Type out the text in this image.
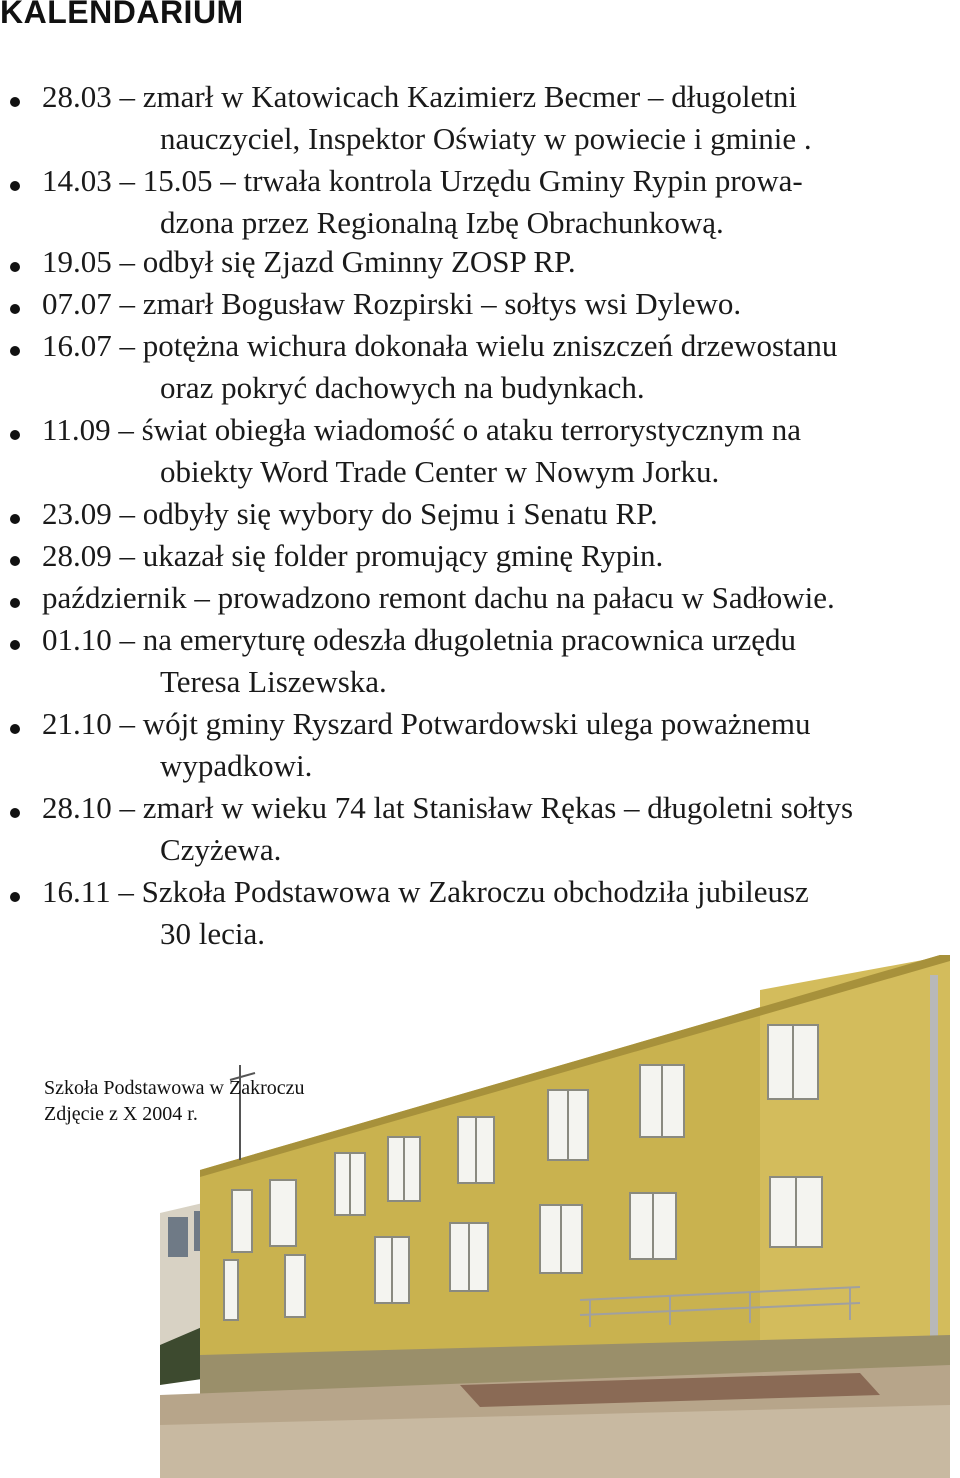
KALENDARIUM
28.03 – zmarł w Katowicach Kazimierz Becmer – długoletni
nauczyciel, Inspektor Oświaty w powiecie i gminie .
14.03 – 15.05 – trwała kontrola Urzędu Gminy Rypin prowa-
dzona przez Regionalną Izbę Obrachunkową.
19.05 – odbył się Zjazd Gminny ZOSP RP.
07.07 – zmarł Bogusław Rozpirski – sołtys wsi Dylewo.
16.07 – potężna wichura dokonała wielu zniszczeń drzewostanu
oraz pokryć dachowych na budynkach.
11.09 – świat obiegła wiadomość o ataku terrorystycznym na
obiekty Word Trade Center w Nowym Jorku.
23.09 – odbyły się wybory do Sejmu i Senatu RP.
28.09 – ukazał się folder promujący gminę Rypin.
październik – prowadzono remont dachu na pałacu w Sadłowie.
01.10 – na emeryturę odeszła długoletnia pracownica urzędu
Teresa Liszewska.
21.10 – wójt gminy Ryszard Potwardowski ulega poważnemu
wypadkowi.
28.10 – zmarł w wieku 74 lat Stanisław Rękas – długoletni sołtys
Czyżewa.
16.11 – Szkoła Podstawowa w Zakroczu obchodziła jubileusz
30 lecia.
Szkoła Podstawowa w Zakroczu
Zdjęcie z X 2004 r.
